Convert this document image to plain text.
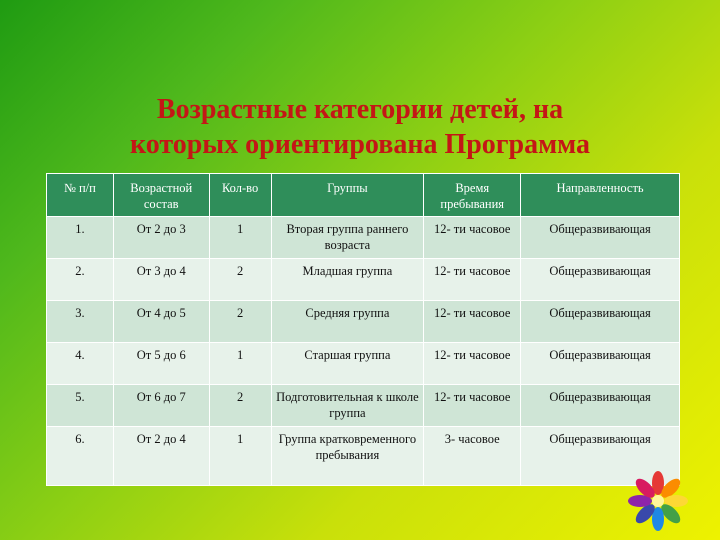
Возрастные категории детей, на
которых ориентирована Программа
№ п/п	Возрастной состав	Кол-во	Группы	Время пребывания	Направленность
1.	От 2 до 3	1	Вторая группа раннего возраста	12- ти часовое	Общеразвивающая
2.	От 3 до 4	2	Младшая группа	12- ти часовое	Общеразвивающая
3.	От 4 до 5	2	Средняя группа	12- ти часовое	Общеразвивающая
4.	От 5 до 6	1	Старшая группа	12- ти часовое	Общеразвивающая
5.	От 6 до 7	2	Подготовительная к школе группа	12- ти часовое	Общеразвивающая
6.	От 2 до 4	1	Группа кратковременного пребывания	3- часовое	Общеразвивающая
